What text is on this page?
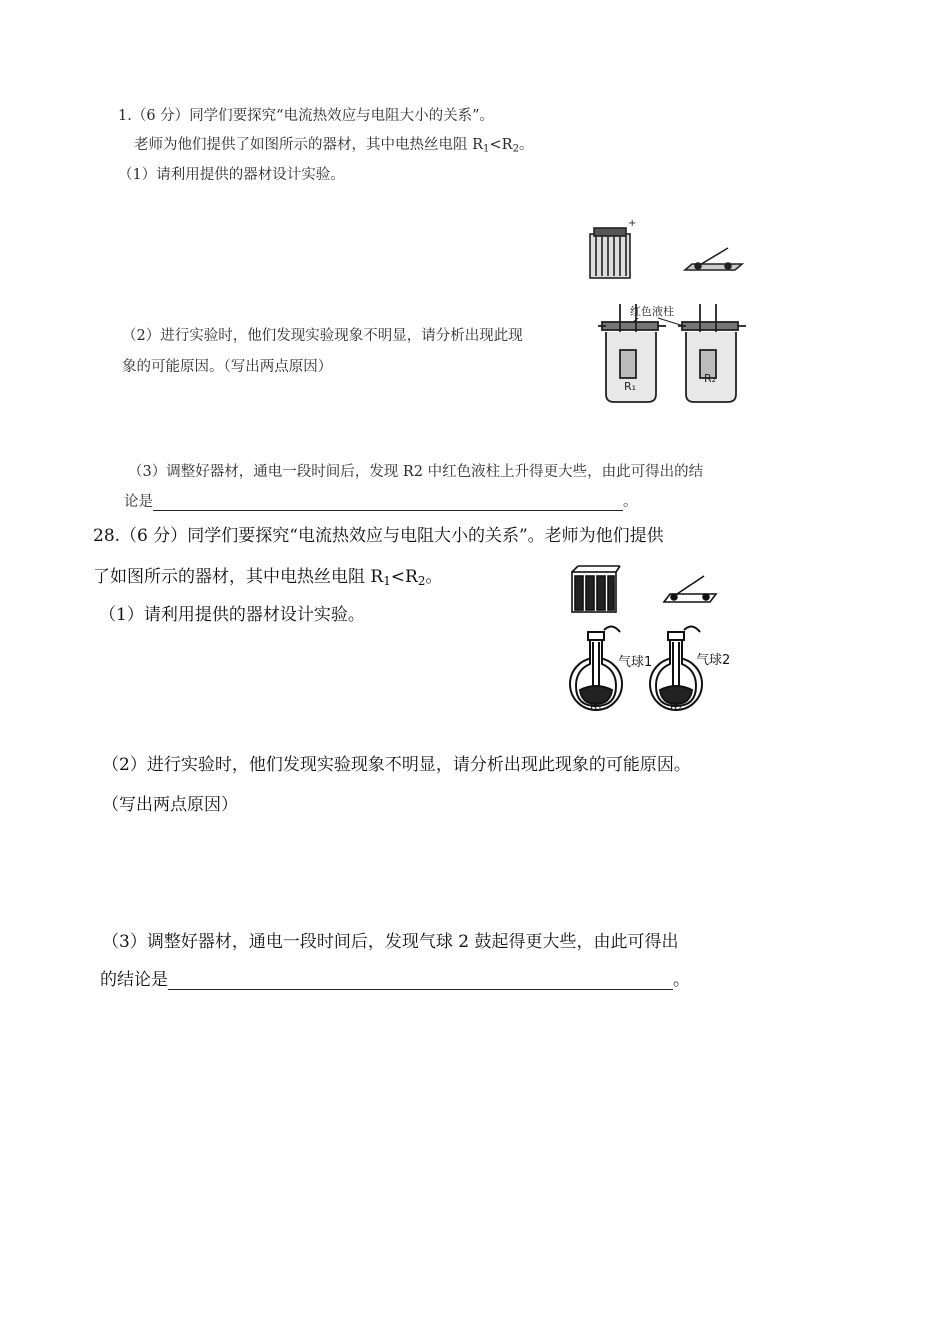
1.（6 分）同学们要探究“电流热效应与电阻大小的关系”。
老师为他们提供了如图所示的器材，其中电热丝电阻 $R_1<R_2$。
（1）请利用提供的器材设计实验。
（2）进行实验时，他们发现实验现象不明显，请分析出现此现
象的可能原因。（写出两点原因）
（3）调整好器材，通电一段时间后，发现 R2 中红色液柱上升得更大些，由此可得出的结
论是	。
+
红色液柱
R₁
R₂
28.（6 分）同学们要探究“电流热效应与电阻大小的关系”。老师为他们提供
了如图所示的器材，其中电热丝电阻 $R_1<R_2$。
（1）请利用提供的器材设计实验。
（2）进行实验时，他们发现实验现象不明显，请分析出现此现象的可能原因。
（写出两点原因）
（3）调整好器材，通电一段时间后，发现气球 2 鼓起得更大些，由此可得出
的结论是	。
气球1
R₁
气球2
R₂
